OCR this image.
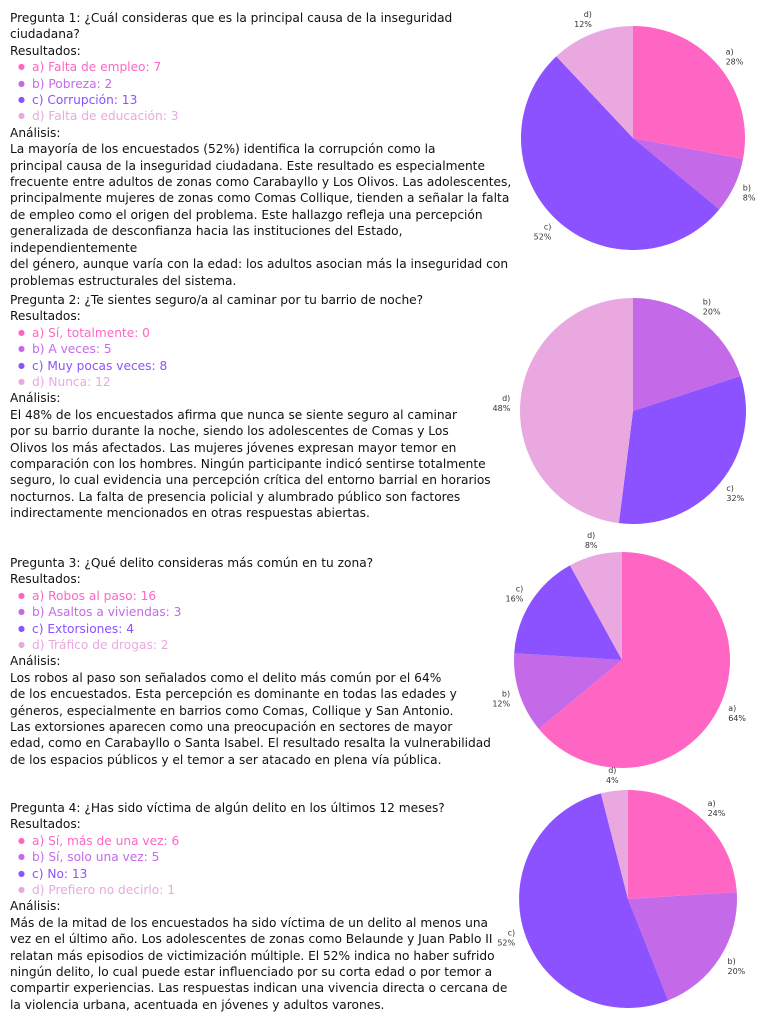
Pregunta 1: ¿Cuál consideras que es la principal causa de la inseguridad ciudadana?

Resultados:

● a) Falta de empleo: 7
● b) Pobreza: 2
● c) Corrupción: 13
● d) Falta de educación: 3

Análisis:

La mayoría de los encuestados (52%) identifica la corrupción como la
principal causa de la inseguridad ciudadana. Este resultado es especialmente
frecuente entre adultos de zonas como Carabayllo y Los Olivos. Las adolescentes,
principalmente mujeres de zonas como Comas Collique, tienden a señalar la falta
de empleo como el origen del problema. Este hallazgo refleja una percepción
generalizada de desconfianza hacia las instituciones del Estado, independientemente
del género, aunque varía con la edad: los adultos asocian más la inseguridad con
problemas estructurales del sistema.

a)
28%
b)
8%
c)
52%
d)
12%

Pregunta 2: ¿Te sientes seguro/a al caminar por tu barrio de noche?

Resultados:

● a) Sí, totalmente: 0
● b) A veces: 5
● c) Muy pocas veces: 8
● d) Nunca: 12

Análisis:

El 48% de los encuestados afirma que nunca se siente seguro al caminar
por su barrio durante la noche, siendo los adolescentes de Comas y Los
Olivos los más afectados. Las mujeres jóvenes expresan mayor temor en
comparación con los hombres. Ningún participante indicó sentirse totalmente
seguro, lo cual evidencia una percepción crítica del entorno barrial en horarios
nocturnos. La falta de presencia policial y alumbrado público son factores
indirectamente mencionados en otras respuestas abiertas.

b)
20%
c)
32%
d)
48%

Pregunta 3: ¿Qué delito consideras más común en tu zona?

Resultados:

● a) Robos al paso: 16
● b) Asaltos a viviendas: 3
● c) Extorsiones: 4
● d) Tráfico de drogas: 2

Análisis:

Los robos al paso son señalados como el delito más común por el 64%
de los encuestados. Esta percepción es dominante en todas las edades y
géneros, especialmente en barrios como Comas, Collique y San Antonio.
Las extorsiones aparecen como una preocupación en sectores de mayor
edad, como en Carabayllo o Santa Isabel. El resultado resalta la vulnerabilidad
de los espacios públicos y el temor a ser atacado en plena vía pública.

a)
64%
b)
12%
c)
16%
d)
8%

Pregunta 4: ¿Has sido víctima de algún delito en los últimos 12 meses?

Resultados:

● a) Sí, más de una vez: 6
● b) Sí, solo una vez: 5
● c) No: 13
● d) Prefiero no decirlo: 1

Análisis:

Más de la mitad de los encuestados ha sido víctima de un delito al menos una
vez en el último año. Los adolescentes de zonas como Belaunde y Juan Pablo II
relatan más episodios de victimización múltiple. El 52% indica no haber sufrido
ningún delito, lo cual puede estar influenciado por su corta edad o por temor a
compartir experiencias. Las respuestas indican una vivencia directa o cercana de
la violencia urbana, acentuada en jóvenes y adultos varones.

a)
24%
b)
20%
c)
52%
d)
4%
